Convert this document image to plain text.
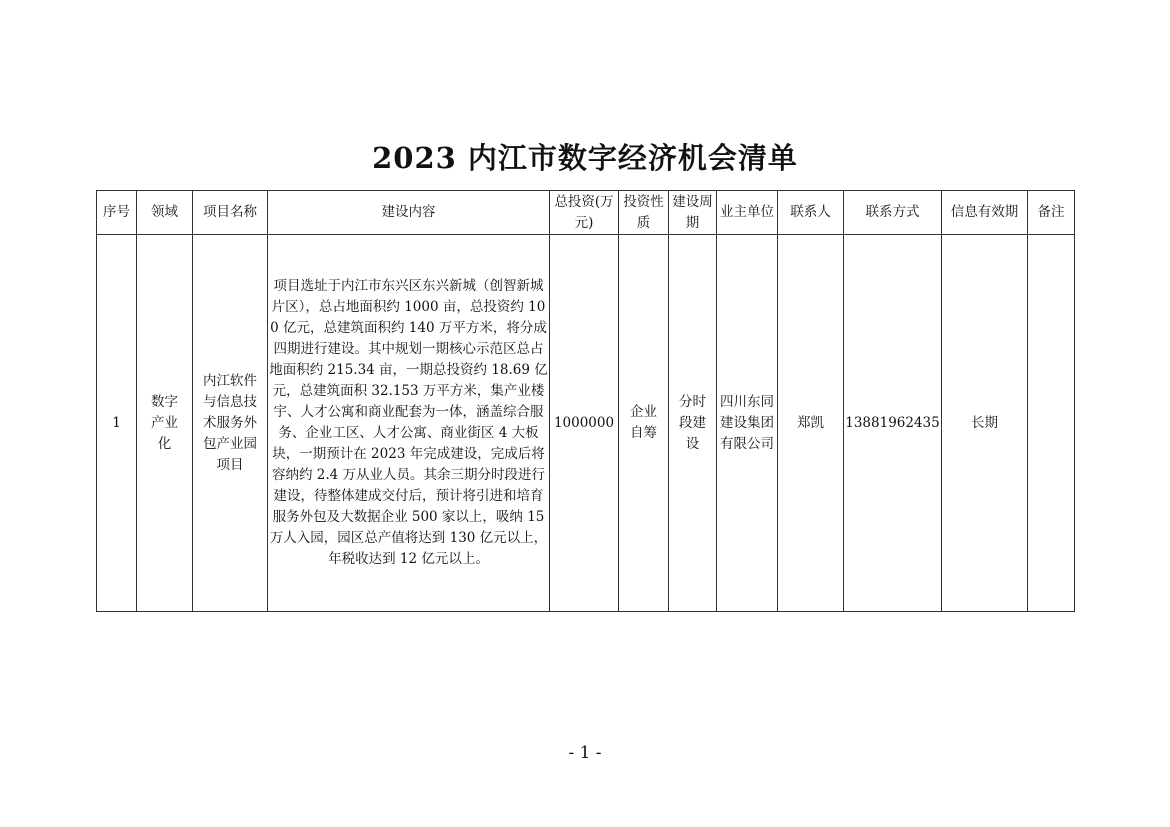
2023 内江市数字经济机会清单
序号	领域	项目名称	建设内容	总投资(万元)	投资性质	建设周期	业主单位	联系人	联系方式	信息有效期	备注
1	数字产业化	内江软件与信息技术服务外包产业园项目	项目选址于内江市东兴区东兴新城（创智新城片区），总占地面积约 1000 亩，总投资约 100 亿元，总建筑面积约 140 万平方米，将分成四期进行建设。其中规划一期核心示范区总占地面积约 215.34 亩，一期总投资约 18.69 亿元，总建筑面积 32.153 万平方米，集产业楼宇、人才公寓和商业配套为一体，涵盖综合服务、企业工区、人才公寓、商业街区 4 大板块，一期预计在 2023 年完成建设，完成后将容纳约 2.4 万从业人员。其余三期分时段进行建设，待整体建成交付后，预计将引进和培育服务外包及大数据企业 500 家以上，吸纳 15 万人入园，园区总产值将达到 130 亿元以上，年税收达到 12 亿元以上。	1000000	企业自筹	分时段建设	四川东同建设集团有限公司	郑凯	13881962435	长期	
- 1 -
